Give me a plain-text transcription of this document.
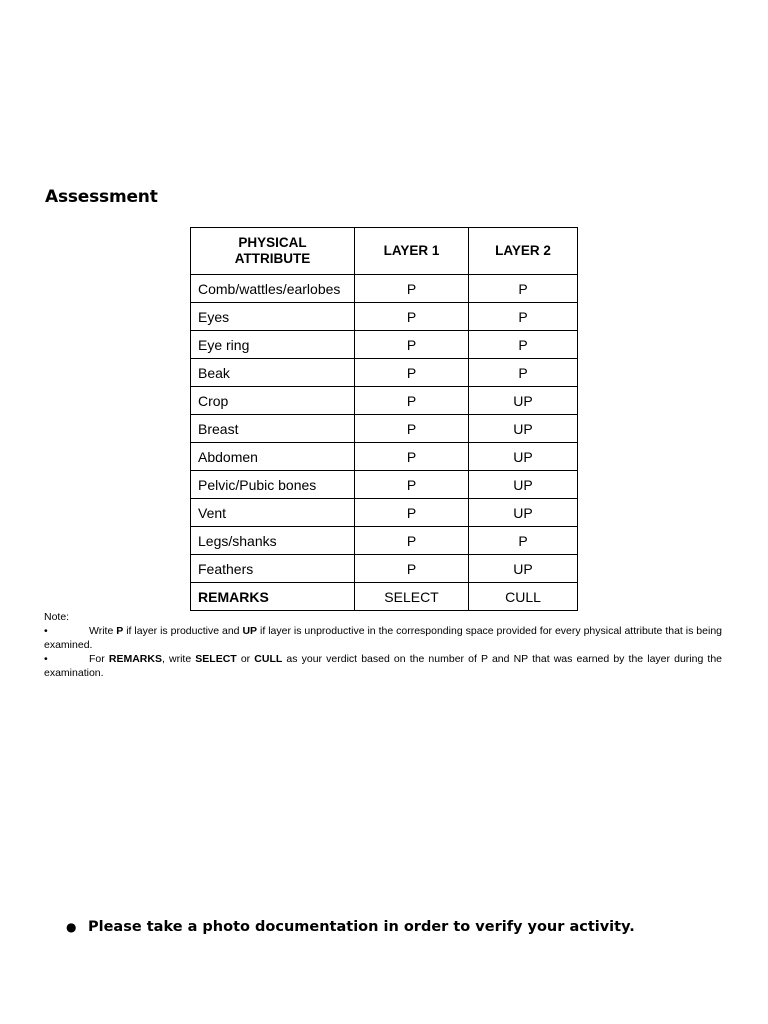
Assessment
PHYSICAL ATTRIBUTE	LAYER 1	LAYER 2
Comb/wattles/earlobes	P	P
Eyes	P	P
Eye ring	P	P
Beak	P	P
Crop	P	UP
Breast	P	UP
Abdomen	P	UP
Pelvic/Pubic bones	P	UP
Vent	P	UP
Legs/shanks	P	P
Feathers	P	UP
REMARKS	SELECT	CULL
Note:

•	Write P if layer is productive and UP if layer is unproductive in the corresponding space provided for every physical attribute that is being examined.

•	For REMARKS, write SELECT or CULL as your verdict based on the number of P and NP that was earned by the layer during the examination.

● Please take a photo documentation in order to verify your activity.
